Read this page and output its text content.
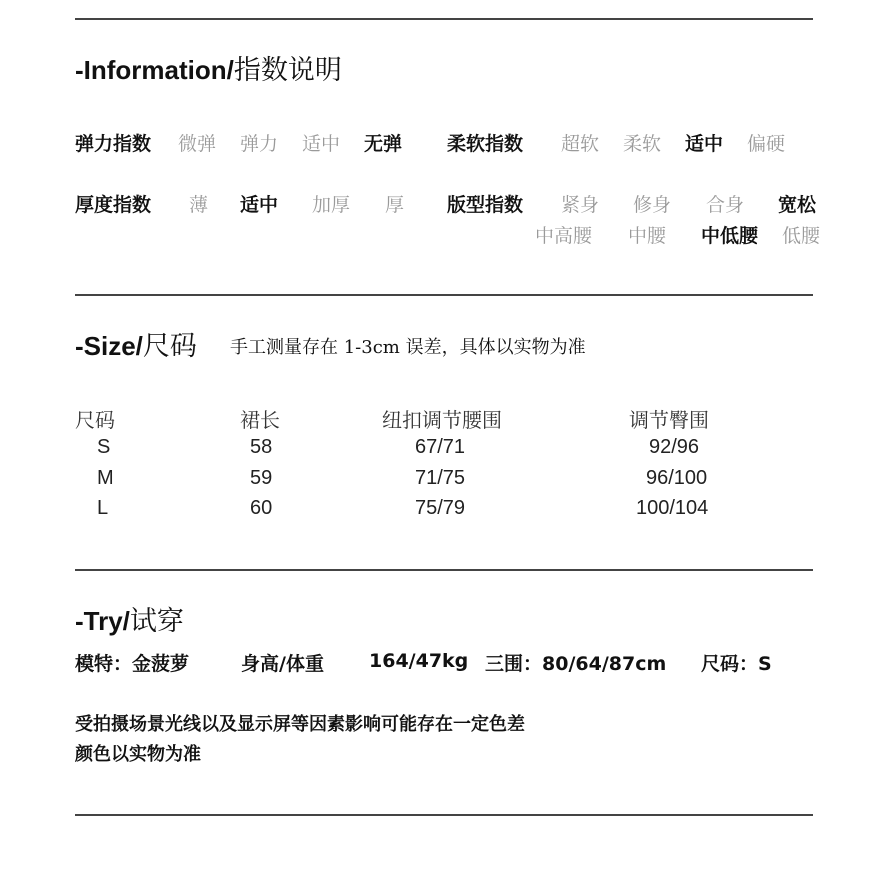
-Information/指数说明
弹力指数 微弹 弹力 适中 无弹 柔软指数 超软 柔软 适中 偏硬
厚度指数 薄 适中 加厚 厚 版型指数 紧身 修身 合身 宽松
中高腰 中腰 中低腰 低腰
-Size/尺码 手工测量存在 1-3cm 误差，具体以实物为准
尺码	裙长	纽扣调节腰围	调节臀围
S	58	67/71	92/96
M	59	71/75	96/100
L	60	75/79	100/104
-Try/试穿
模特：金菠萝	身高/体重 164/47kg 三围：80/64/87cm 尺码：S
受拍摄场景光线以及显示屏等因素影响可能存在一定色差
颜色以实物为准
